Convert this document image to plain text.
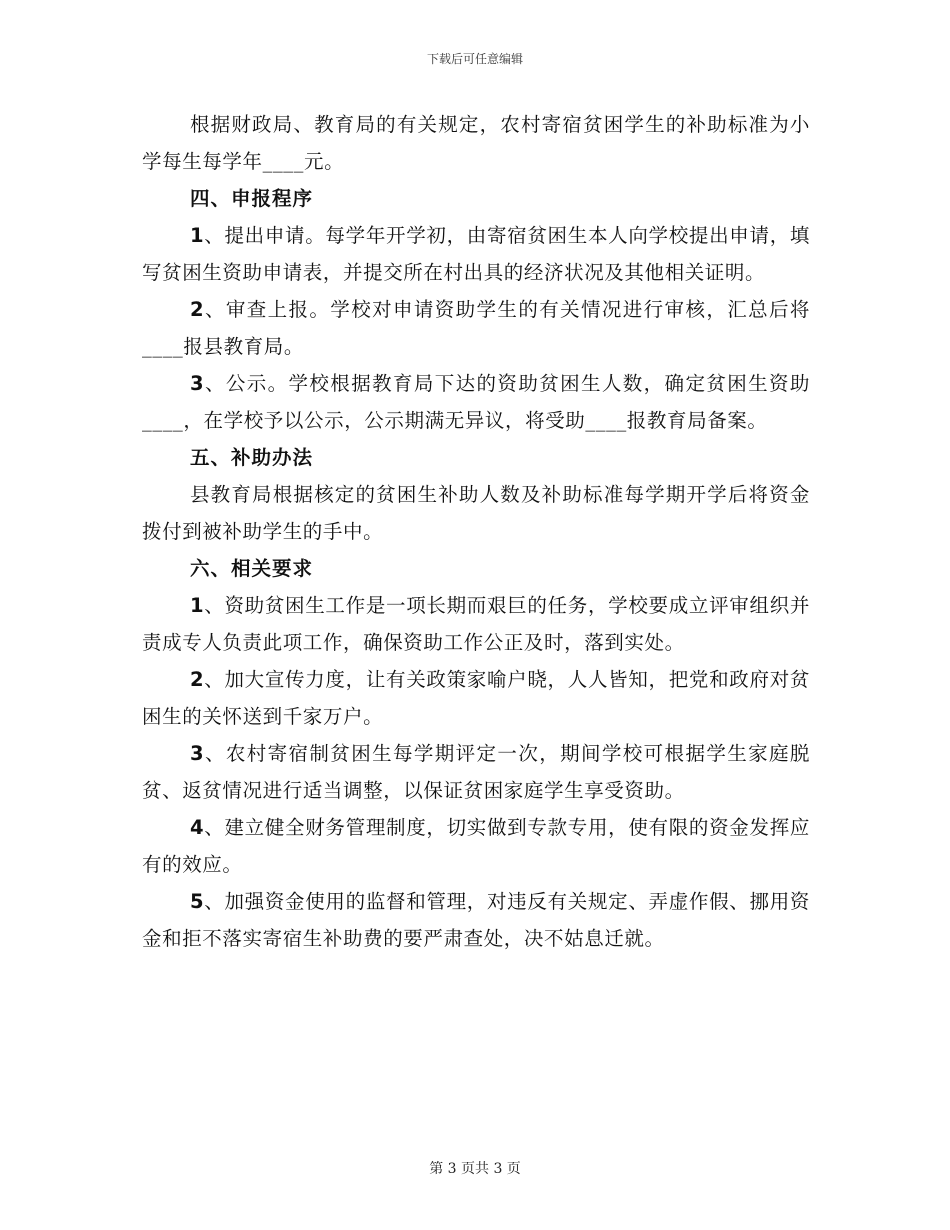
下载后可任意编辑

根据财政局、教育局的有关规定，农村寄宿贫困学生的补助标准为小学每生每学年____元。

四、申报程序

1、提出申请。每学年开学初，由寄宿贫困生本人向学校提出申请，填写贫困生资助申请表，并提交所在村出具的经济状况及其他相关证明。

2、审查上报。学校对申请资助学生的有关情况进行审核，汇总后将____报县教育局。

3、公示。学校根据教育局下达的资助贫困生人数，确定贫困生资助____，在学校予以公示，公示期满无异议，将受助____报教育局备案。

五、补助办法

县教育局根据核定的贫困生补助人数及补助标准每学期开学后将资金拨付到被补助学生的手中。

六、相关要求

1、资助贫困生工作是一项长期而艰巨的任务，学校要成立评审组织并责成专人负责此项工作，确保资助工作公正及时，落到实处。

2、加大宣传力度，让有关政策家喻户晓，人人皆知，把党和政府对贫困生的关怀送到千家万户。

3、农村寄宿制贫困生每学期评定一次，期间学校可根据学生家庭脱贫、返贫情况进行适当调整，以保证贫困家庭学生享受资助。

4、建立健全财务管理制度，切实做到专款专用，使有限的资金发挥应有的效应。

5、加强资金使用的监督和管理，对违反有关规定、弄虚作假、挪用资金和拒不落实寄宿生补助费的要严肃查处，决不姑息迁就。

第 3 页共 3 页
